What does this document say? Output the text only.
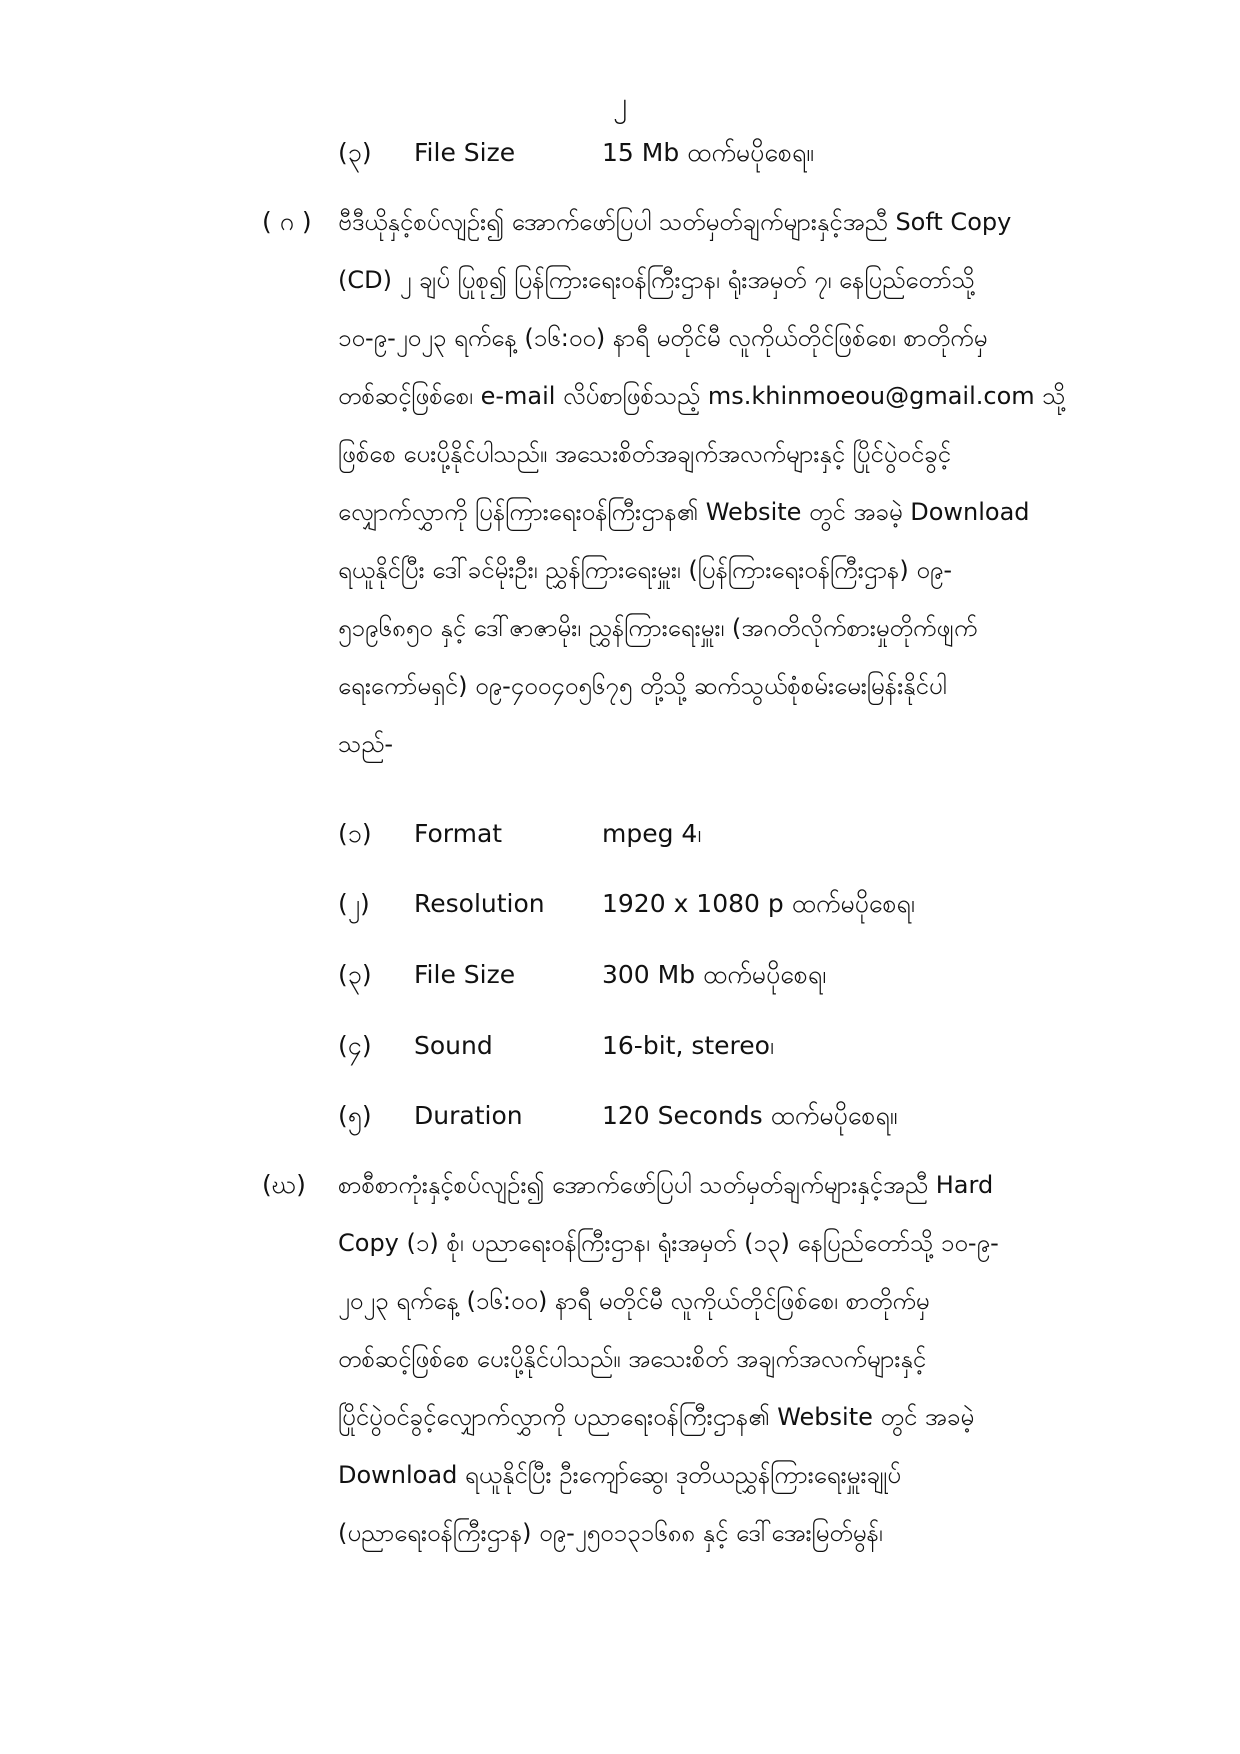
၂
(၃) File Size	15 Mb ထက်မပိုစေရ။
( ဂ ) ဗီဒီယိုနှင့်စပ်လျဉ်း၍ အောက်ဖော်ပြပါ သတ်မှတ်ချက်များနှင့်အညီ Soft Copy
(CD) ၂ ချပ် ပြုစု၍ ပြန်ကြားရေးဝန်ကြီးဌာန၊ ရုံးအမှတ် ၇၊ နေပြည်တော်သို့
၁၀-၉-၂၀၂၃ ရက်နေ့ (၁၆:၀၀) နာရီ မတိုင်မီ လူကိုယ်တိုင်ဖြစ်စေ၊ စာတိုက်မှ
တစ်ဆင့်ဖြစ်စေ၊ e-mail လိပ်စာဖြစ်သည့် ms.khinmoeou@gmail.com သို့
ဖြစ်စေ ပေးပို့နိုင်ပါသည်။ အသေးစိတ်အချက်အလက်များနှင့် ပြိုင်ပွဲဝင်ခွင့်
လျှောက်လွှာကို ပြန်ကြားရေးဝန်ကြီးဌာန၏ Website တွင် အခမဲ့ Download
ရယူနိုင်ပြီး ဒေါ်ခင်မိုးဦး၊ ညွှန်ကြားရေးမှူး၊ (ပြန်ကြားရေးဝန်ကြီးဌာန) ၀၉-
၅၁၉၆၈၅၀ နှင့် ဒေါ်ဇာဇာမိုး၊ ညွှန်ကြားရေးမှူး၊ (အဂတိလိုက်စားမှုတိုက်ဖျက်
ရေးကော်မရှင်) ၀၉-၄၀၀၄၀၅၆၇၅ တို့သို့ ဆက်သွယ်စုံစမ်းမေးမြန်းနိုင်ပါ
သည်-
(၁) Format	mpeg 4၊
(၂) Resolution 1920 x 1080 p ထက်မပိုစေရ၊
(၃) File Size	300 Mb ထက်မပိုစေရ၊
(၄) Sound	16-bit, stereo၊
(၅) Duration	120 Seconds ထက်မပိုစေရ။
(ဃ) စာစီစာကုံးနှင့်စပ်လျဉ်း၍ အောက်ဖော်ပြပါ သတ်မှတ်ချက်များနှင့်အညီ Hard
Copy (၁) စုံ၊ ပညာရေးဝန်ကြီးဌာန၊ ရုံးအမှတ် (၁၃) နေပြည်တော်သို့ ၁၀-၉-
၂၀၂၃ ရက်နေ့ (၁၆:၀၀) နာရီ မတိုင်မီ လူကိုယ်တိုင်ဖြစ်စေ၊ စာတိုက်မှ
တစ်ဆင့်ဖြစ်စေ ပေးပို့နိုင်ပါသည်။ အသေးစိတ် အချက်အလက်များနှင့်
ပြိုင်ပွဲဝင်ခွင့်လျှောက်လွှာကို ပညာရေးဝန်ကြီးဌာန၏ Website တွင် အခမဲ့
Download ရယူနိုင်ပြီး ဦးကျော်ဆွေ၊ ဒုတိယညွှန်ကြားရေးမှူးချုပ်
(ပညာရေးဝန်ကြီးဌာန) ၀၉-၂၅၀၁၃၁၆၈၈ နှင့် ဒေါ်အေးမြတ်မွန်၊
